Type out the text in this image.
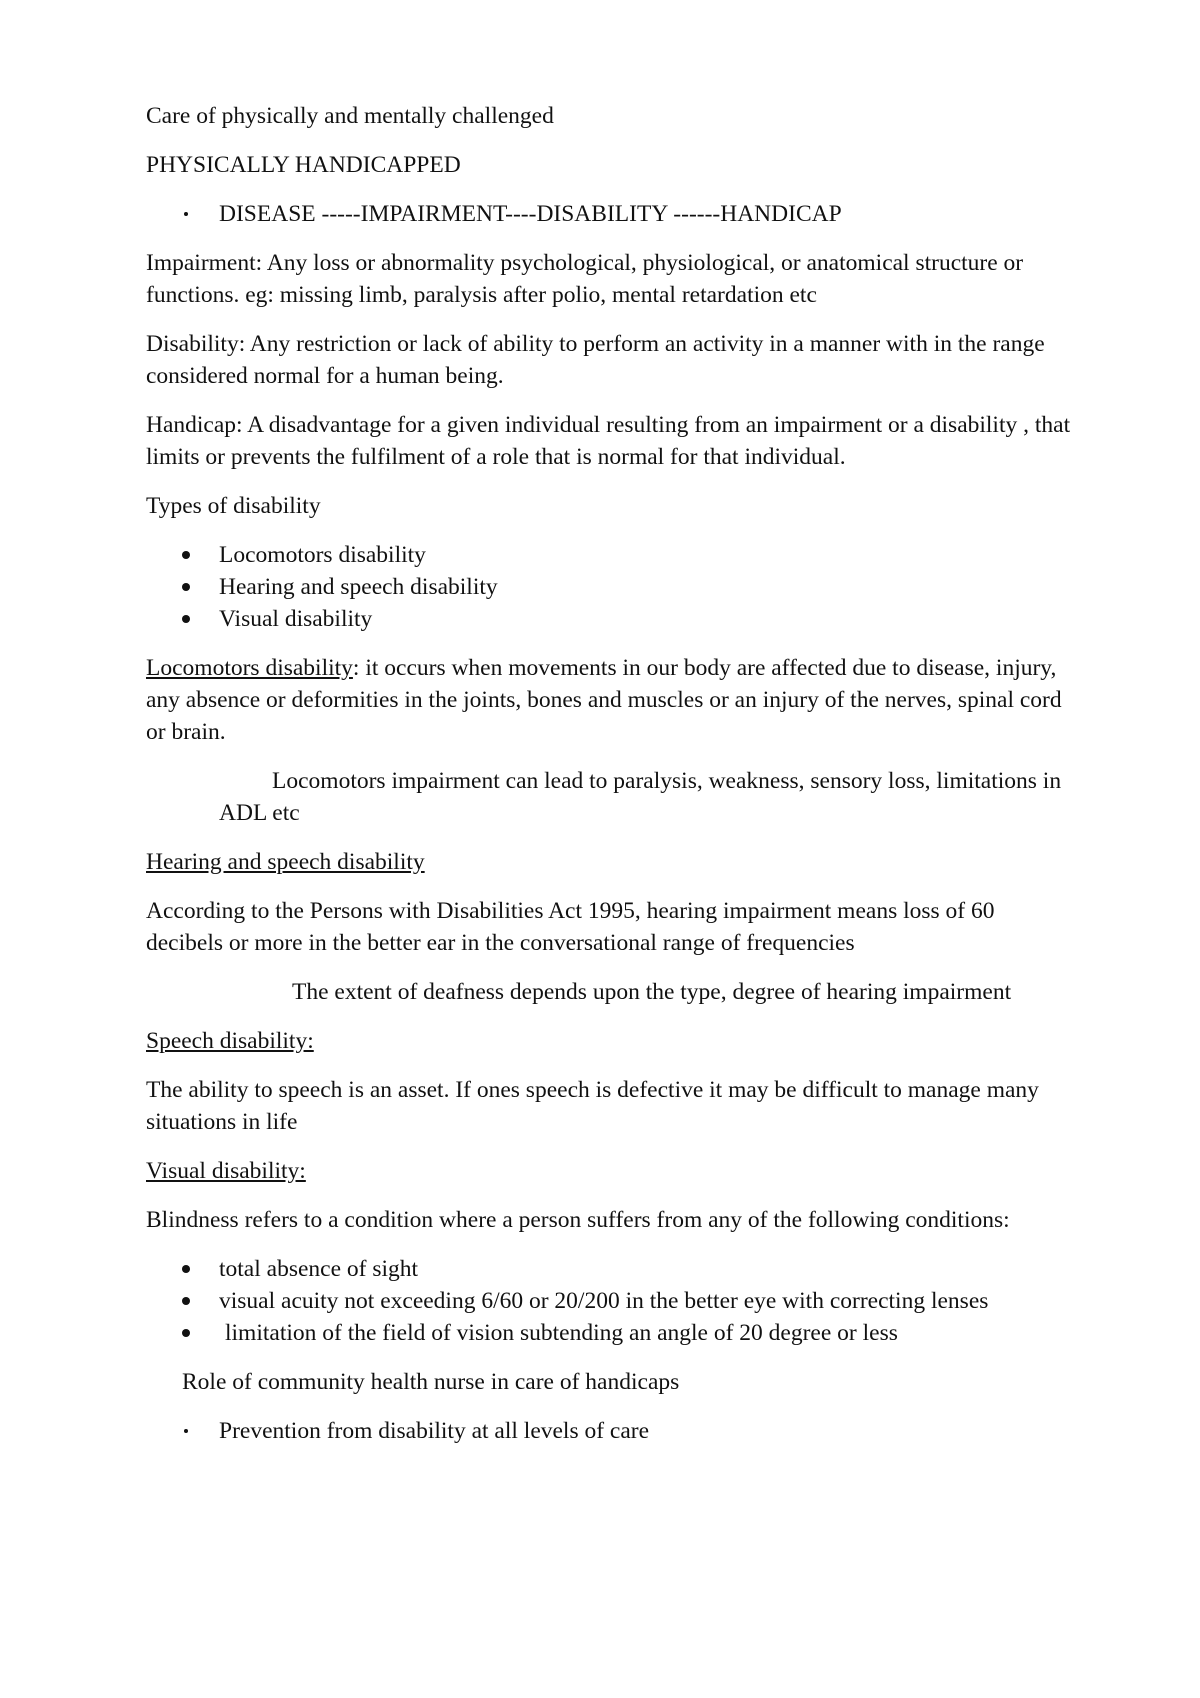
Care of physically and mentally challenged

PHYSICALLY HANDICAPPED

DISEASE -----IMPAIRMENT----DISABILITY ------HANDICAP

Impairment: Any loss or abnormality psychological, physiological, or anatomical structure or functions. eg: missing limb, paralysis after polio, mental retardation etc

Disability: Any restriction or lack of ability to perform an activity in a manner with in the range considered normal for a human being.

Handicap: A disadvantage for a given individual resulting from an impairment or a disability , that limits or prevents the fulfilment of a role that is normal for that individual.

Types of disability

Locomotors disability
Hearing and speech disability
Visual disability

Locomotors disability: it occurs when movements in our body are affected due to disease, injury, any absence or deformities in the joints, bones and muscles or an injury of the nerves, spinal cord or brain.

Locomotors impairment can lead to paralysis, weakness, sensory loss, limitations in ADL etc

Hearing and speech disability

According to the Persons with Disabilities Act 1995, hearing impairment means loss of 60 decibels or more in the better ear in the conversational range of frequencies

The extent of deafness depends upon the type, degree of hearing impairment

Speech disability:

The ability to speech is an asset. If ones speech is defective it may be difficult to manage many situations in life

Visual disability:

Blindness refers to a condition where a person suffers from any of the following conditions:

total absence of sight
visual acuity not exceeding 6/60 or 20/200 in the better eye with correcting lenses
limitation of the field of vision subtending an angle of 20 degree or less

Role of community health nurse in care of handicaps

Prevention from disability at all levels of care
